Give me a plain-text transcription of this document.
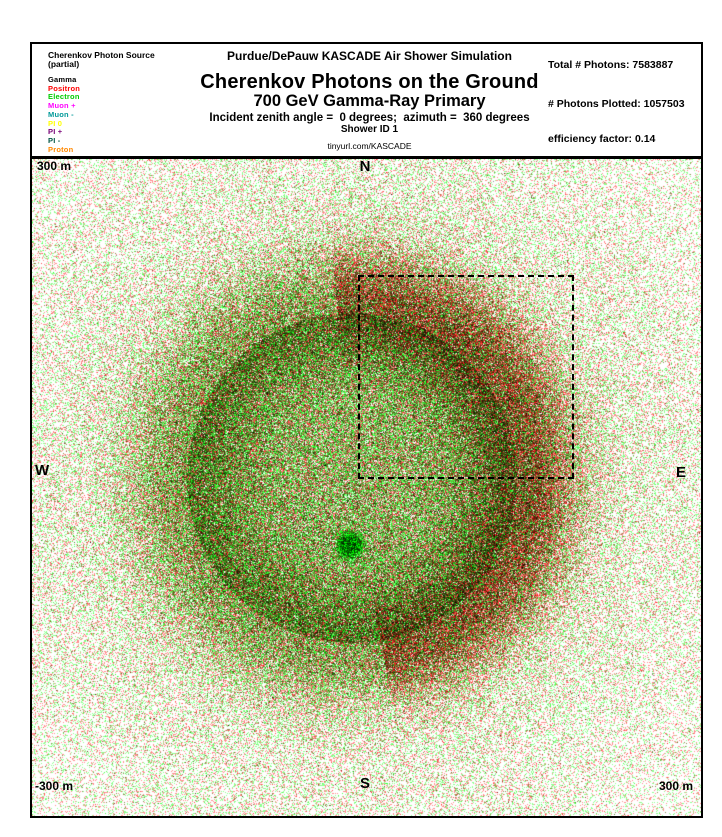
Cherenkov Photon Source
(partial)
Gamma
Positron
Electron
Muon +
Muon -
PI 0
PI +
PI -
Proton
Purdue/DePauw KASCADE Air Shower Simulation
Cherenkov Photons on the Ground
700 GeV Gamma-Ray Primary
Incident zenith angle =  0 degrees;  azimuth =  360 degrees
Shower ID 1
tinyurl.com/KASCADE
Total # Photons: 7583887
# Photons Plotted: 1057503
efficiency factor: 0.14
N
S
W	E
300 m
-300 m	300 m
